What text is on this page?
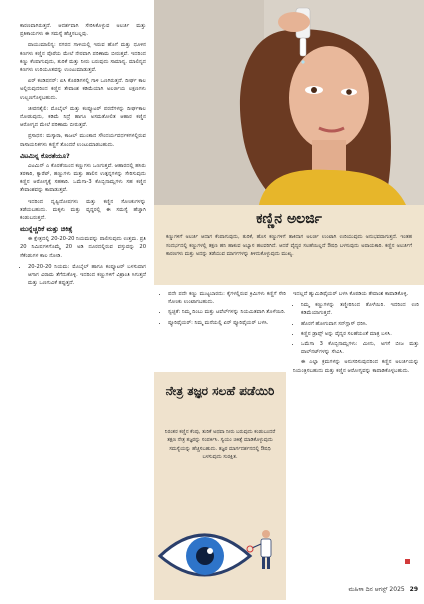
ಕಾರಣವಾಗಿರುತ್ತದೆ. ಆದರ್ಶವಾಗಿ ಸೇರಿಸಿಕೊಳ್ಳುವ ಅಲರ್ಜಿ ಮತ್ತು ಪ್ರತಿಕಾಯಗಳು ಈ ಸಮಸ್ಯೆ ಹೆಚ್ಚಿಸಬಲ್ಲವು.

ವಾಯುಮಾಲಿನ್ಯ: ನಗರದ ಗಾಳಿಯಲ್ಲಿ ಇರುವ ಹೊಗೆ ಮತ್ತು ಧೂಳಿನ ಕಣಗಳು ಕಣ್ಣಿನ ಪೊರೆಯ ಮೇಲೆ ನೇರವಾಗಿ ಪರಿಣಾಮ ಬೀರುತ್ತವೆ. ಇದರಿಂದ ಕಣ್ಣು ಕೆಂಪಾಗುವುದು, ತುರಿಕೆ ಮತ್ತು ನೀರು ಬರುವುದು ಸಾಮಾನ್ಯ. ಮಾಲಿನ್ಯದ ಕಣಗಳು ಉರಿಯೂತವನ್ನು ಉಂಟುಮಾಡುತ್ತವೆ.

ಏರ್ ಕಂಡಿಷನರ್: ಏಸಿ ಕೊಠಡಿಗಳಲ್ಲಿ ಗಾಳಿ ಒಣಗಿರುತ್ತದೆ. ದೀರ್ಘ ಕಾಲ ಅಲ್ಲಿರುವುದರಿಂದ ಕಣ್ಣಿನ ತೇವಾಂಶ ಕಡಿಮೆಯಾಗಿ ಅಲರ್ಜಿಯ ಲಕ್ಷಣಗಳು ಉಲ್ಬಣಗೊಳ್ಳಬಹುದು.

ಜೀವನಶೈಲಿ: ಮೊಬೈಲ್ ಮತ್ತು ಕಂಪ್ಯೂಟರ್ ಪರದೆಗಳನ್ನು ದೀರ್ಘಕಾಲ ನೋಡುವುದು, ಕಡಿಮೆ ನಿದ್ರೆ ಹಾಗೂ ಅಸಮತೋಲಿತ ಆಹಾರ ಕಣ್ಣಿನ ಆರೋಗ್ಯದ ಮೇಲೆ ಪರಿಣಾಮ ಬೀರುತ್ತವೆ.

ಪ್ರಸಾಧನ: ಮಸ್ಕಾರಾ, ಕಾಜಲ್ ಮುಂತಾದ ಸೌಂದರ್ಯವರ್ಧಕಗಳಲ್ಲಿರುವ ರಾಸಾಯನಿಕಗಳು ಕಣ್ಣಿಗೆ ತೊಂದರೆ ಉಂಟುಮಾಡಬಹುದು.

ವಿಟಮಿನ್ನ ಕೊರತೆಯೂ?

ವಿಟಮಿನ್ ಎ ಕೊರತೆಯಿಂದ ಕಣ್ಣುಗಳು ಒಣಗುತ್ತವೆ. ಆಹಾರದಲ್ಲಿ ಹಸಿರು ತರಕಾರಿ, ಕ್ಯಾರೆಟ್, ಹಣ್ಣುಗಳು ಮತ್ತು ಹಾಲಿನ ಉತ್ಪನ್ನಗಳನ್ನು ಸೇರಿಸುವುದು ಕಣ್ಣಿನ ಆರೋಗ್ಯಕ್ಕೆ ಸಹಕಾರಿ. ಒಮೆಗಾ-3 ಕೊಬ್ಬಿನಾಮ್ಲಗಳು ಸಹ ಕಣ್ಣಿನ ತೇವಾಂಶವನ್ನು ಕಾಪಾಡುತ್ತವೆ.

ಇದರಿಂದ ದೃಷ್ಟಿದೋಷಗಳು ಮತ್ತು ಕಣ್ಣಿನ ಸೋಂಕುಗಳನ್ನು ತಡೆಯಬಹುದು. ಮಕ್ಕಳು ಮತ್ತು ವೃದ್ಧರಲ್ಲಿ ಈ ಸಮಸ್ಯೆ ಹೆಚ್ಚಾಗಿ ಕಂಡುಬರುತ್ತದೆ.

ಮುನ್ನೆಚ್ಚರಿಕೆ ಮತ್ತು ಚಿಕಿತ್ಸೆ

ಈ ಕ್ಷೇತ್ರದಲ್ಲಿ 20-20-20 ನಿಯಮವನ್ನು ಪಾಲಿಸುವುದು ಉತ್ತಮ. ಪ್ರತಿ 20 ನಿಮಿಷಗಳಿಗೊಮ್ಮೆ 20 ಅಡಿ ದೂರದಲ್ಲಿರುವ ವಸ್ತುವನ್ನು 20 ಸೆಕೆಂಡುಗಳ ಕಾಲ ನೋಡಿ.

• 20-20-20 ನಿಯಮ: ಮೊಬೈಲ್ ಹಾಗೂ ಕಂಪ್ಯೂಟರ್ ಬಳಸುವಾಗ ಆಗಾಗ ವಿರಾಮ ತೆಗೆದುಕೊಳ್ಳಿ. ಇದರಿಂದ ಕಣ್ಣುಗಳಿಗೆ ವಿಶ್ರಾಂತಿ ಸಿಗುತ್ತದೆ ಮತ್ತು ಒಣಗುವಿಕೆ ತಪ್ಪುತ್ತದೆ.
ಕಣ್ಣಿನ ಅಲರ್ಜಿ
ಕಣ್ಣುಗಳಿಗೆ ಅಲರ್ಜಿ ಆದಾಗ ಕೆಂಪಾಗುವುದು, ತುರಿಕೆ, ಹೊಸ ಕಣ್ಣುಗಳಿಗೆ ತಾಕಿದಾಗ ಅಲರ್ಜಿ ಉಂಟಾಗಿ ಉರಿಯುವುದು ಅನುಭವವಾಗುತ್ತದೆ. ಇಂತಹ ಸಂದರ್ಭದಲ್ಲಿ ಕಣ್ಣುಗಳಲ್ಲಿ ತಕ್ಷಣ ಹನಿ ಹಾಕುವ ಅಭ್ಯಾಸ ಹಲವರಿಗಿದೆ. ಆದರೆ ವೈದ್ಯರ ಸಲಹೆಯಿಲ್ಲದೆ ಔಷಧಿ ಬಳಸುವುದು ಅಪಾಯಕಾರಿ. ಕಣ್ಣಿನ ಅಲರ್ಜಿಗೆ ಕಾರಣಗಳು ಮತ್ತು ಅದನ್ನು ತಡೆಯುವ ಮಾರ್ಗಗಳನ್ನು ತಿಳಿದುಕೊಳ್ಳುವುದು ಮುಖ್ಯ.
• ಪದೇ ಪದೇ ಕಣ್ಣು ಮುಟ್ಟಬಾರದು: ಕೈಗಳಲ್ಲಿರುವ ಕ್ರಿಮಿಗಳು ಕಣ್ಣಿಗೆ ಸೇರಿ ಸೋಂಕು ಉಂಟಾಗಬಹುದು.
• ಸ್ವಚ್ಛತೆ: ನಿಮ್ಮ ದಿಂಬು ಮತ್ತು ಟವೆಲ್‌ಗಳನ್ನು ನಿಯಮಿತವಾಗಿ ತೊಳೆಯಿರಿ.
• ಪ್ಯೂರಿಫೈಯರ್: ನಿಮ್ಮ ಮನೆಯಲ್ಲಿ ಏರ್ ಪ್ಯೂರಿಫೈಯರ್ ಬಳಸಿ.
ನೇತ್ರ ತಜ್ಞರ ಸಲಹೆ ಪಡೆಯಿರಿ
ನಿರಂತರ ಕಣ್ಣಿನ ಕೆಂಪು, ತುರಿಕೆ ಅಥವಾ ನೀರು ಬರುವುದು ಕಂಡುಬಂದರೆ ತಕ್ಷಣ ನೇತ್ರ ತಜ್ಞರನ್ನು ಸಂಪರ್ಕಿಸಿ. ಸ್ವಯಂ ಚಿಕಿತ್ಸೆ ಮಾಡಿಕೊಳ್ಳುವುದು ಸಮಸ್ಯೆಯನ್ನು ಹೆಚ್ಚಿಸಬಹುದು. ತಜ್ಞರ ಮಾರ್ಗದರ್ಶನದಲ್ಲಿ ಔಷಧಿ ಬಳಸುವುದು ಸುರಕ್ಷಿತ.

ಇದಲ್ಲದೆ ಹ್ಯುಮಿಡಿಫೈಯರ್ ಬಳಸಿ ಕೊಠಡಿಯ ತೇವಾಂಶ ಕಾಪಾಡಿಕೊಳ್ಳಿ.

• ನಿಮ್ಮ ಕಣ್ಣುಗಳನ್ನು ತಣ್ಣೀರಿನಿಂದ ತೊಳೆಯಿರಿ. ಇದರಿಂದ ಉರಿ ಕಡಿಮೆಯಾಗುತ್ತದೆ.
• ಹೊರಗೆ ಹೋಗುವಾಗ ಸನ್‌ಗ್ಲಾಸ್ ಧರಿಸಿ.
• ಕಣ್ಣಿನ ಡ್ರಾಪ್ಸ್ ಅನ್ನು ವೈದ್ಯರ ಸಲಹೆಯಂತೆ ಮಾತ್ರ ಬಳಸಿ.
• ಒಮೆಗಾ 3 ಕೊಬ್ಬಿನಾಮ್ಲಗಳು: ಮೀನು, ಅಗಸೆ ಬೀಜ ಮತ್ತು ವಾಲ್‌ನಟ್‌ಗಳನ್ನು ಸೇವಿಸಿ.

ಈ ಎಲ್ಲಾ ಕ್ರಮಗಳನ್ನು ಅನುಸರಿಸುವುದರಿಂದ ಕಣ್ಣಿನ ಅಲರ್ಜಿಯನ್ನು ನಿಯಂತ್ರಿಸಬಹುದು ಮತ್ತು ಕಣ್ಣಿನ ಆರೋಗ್ಯವನ್ನು ಕಾಪಾಡಿಕೊಳ್ಳಬಹುದು.

ಮಹಿಳಾ ದಿನ ಆಗಸ್ಟ್ 2025 29
